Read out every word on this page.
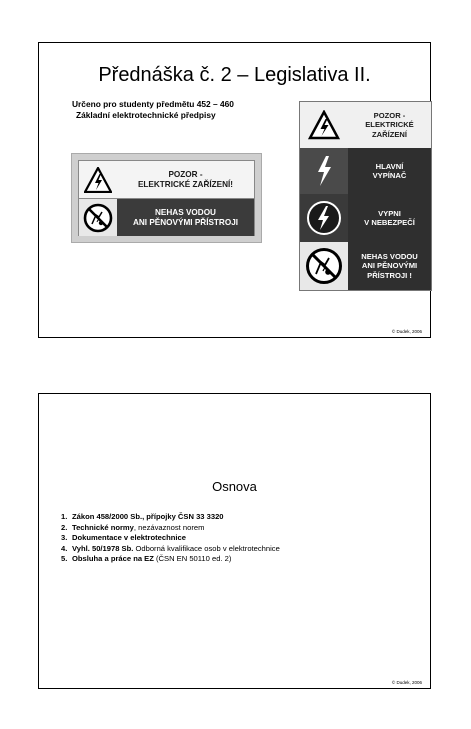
Přednáška č. 2 – Legislativa II.
Určeno pro studenty předmětu 452 – 460
Základní elektrotechnické předpisy
POZOR -
ELEKTRICKÉ ZAŘÍZENÍ!
NEHAS VODOU
ANI PĚNOVÝMI PŘÍSTROJI
POZOR -
ELEKTRICKÉ
ZAŘÍZENÍ
HLAVNÍ
VYPÍNAČ
VYPNI
V NEBEZPEČÍ
NEHAS VODOU
ANI PĚNOVÝMI
PŘÍSTROJI !
© Dudek, 2006
Osnova
1. Zákon 458/2000 Sb., přípojky ČSN 33 3320
2. Technické normy, nezávaznost norem
3. Dokumentace v elektrotechnice
4. Vyhl. 50/1978 Sb. Odborná kvalifikace osob v elektrotechnice
5. Obsluha a práce na EZ (ČSN EN 50110 ed. 2)
© Dudek, 2006
